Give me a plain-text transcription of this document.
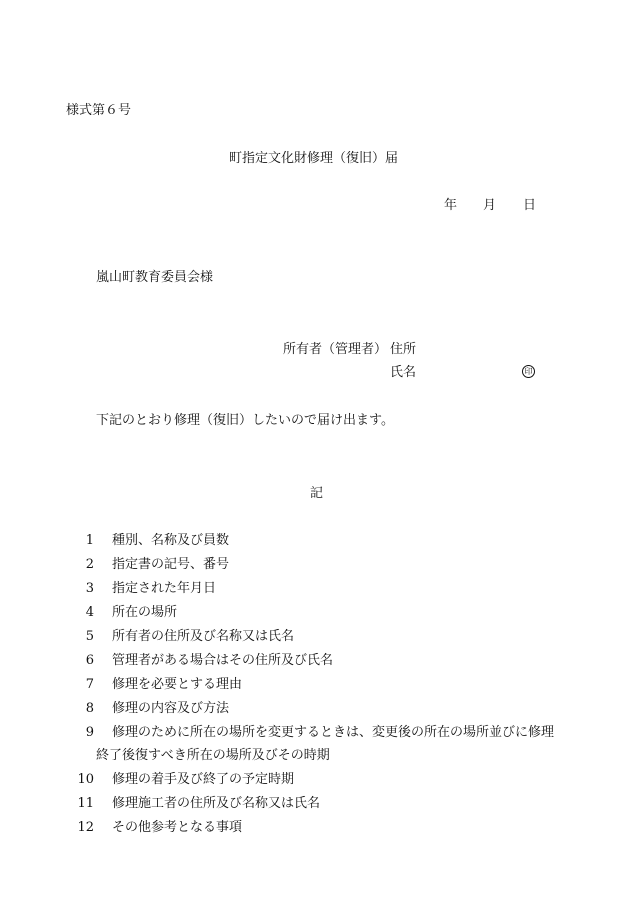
様式第６号
町指定文化財修理（復旧）届
年 月 日
嵐山町教育委員会様
所有者（管理者） 住所
氏名	印
下記のとおり修理（復旧）したいので届け出ます。
記
1 種別、名称及び員数
2 指定書の記号、番号
3 指定された年月日
4 所在の場所
5 所有者の住所及び名称又は氏名
6 管理者がある場合はその住所及び氏名
7 修理を必要とする理由
8 修理の内容及び方法
9 修理のために所在の場所を変更するときは、変更後の所在の場所並びに修理
終了後復すべき所在の場所及びその時期
10 修理の着手及び終了の予定時期
11 修理施工者の住所及び名称又は氏名
12 その他参考となる事項
